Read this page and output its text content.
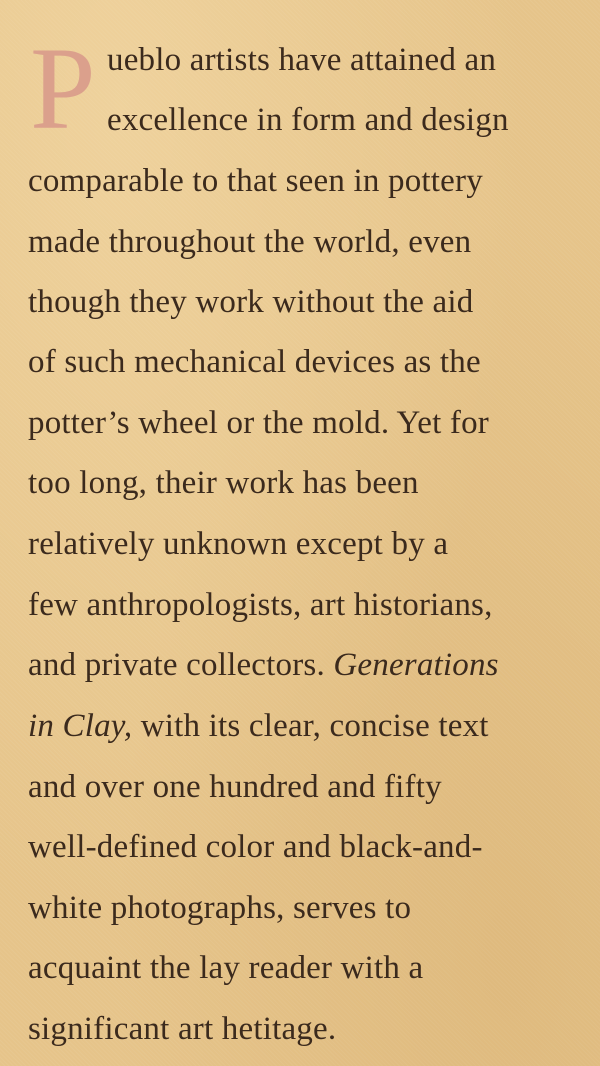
P ueblo artists have attained an
excellence in form and design
comparable to that seen in pottery
made throughout the world, even
though they work without the aid
of such mechanical devices as the
potter’s wheel or the mold. Yet for
too long, their work has been
relatively unknown except by a
few anthropologists, art historians,
and private collectors. Generations
in Clay, with its clear, concise text
and over one hundred and fifty
well-defined color and black-and-
white photographs, serves to
acquaint the lay reader with a
significant art hetitage.
